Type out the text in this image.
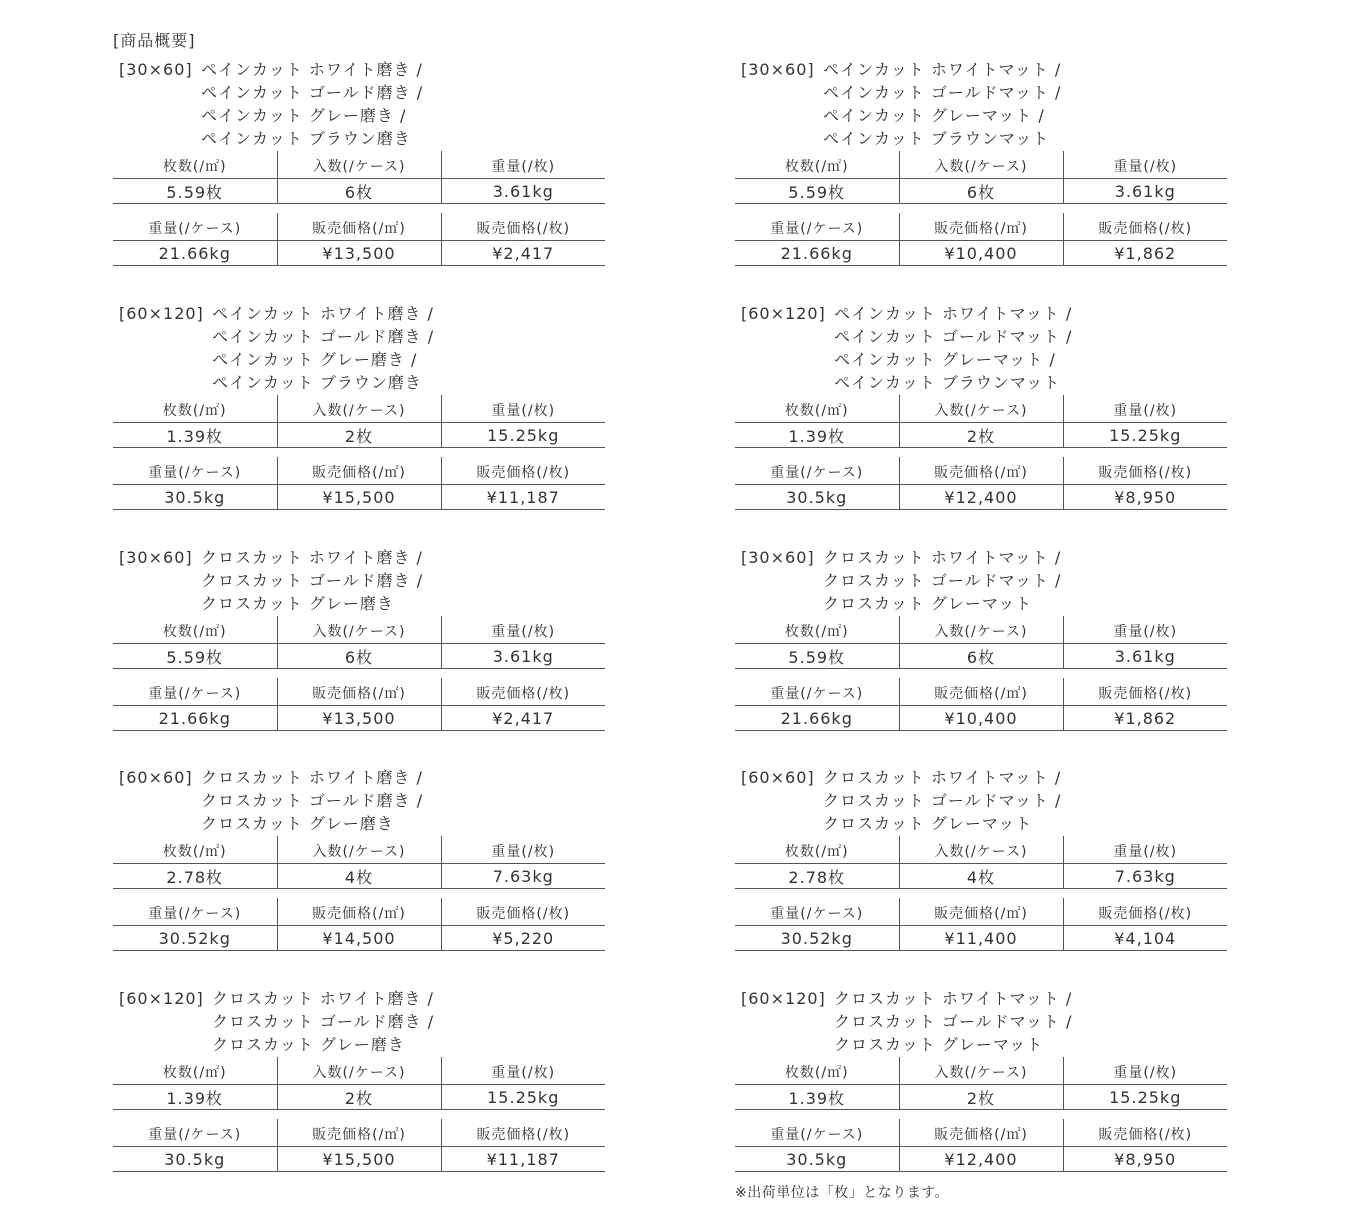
[商品概要]
[30×60] ペインカット ホワイト磨き /
ペインカット ゴールド磨き /
ペインカット グレー磨き /
ペインカット ブラウン磨き
枚数(/㎡)	入数(/ケース)	重量(/枚)
5.59枚	6枚	3.61kg

重量(/ケース)	販売価格(/㎡)	販売価格(/枚)
21.66kg	¥13,500	¥2,417
[30×60] ペインカット ホワイトマット /
ペインカット ゴールドマット /
ペインカット グレーマット /
ペインカット ブラウンマット
枚数(/㎡)	入数(/ケース)	重量(/枚)
5.59枚	6枚	3.61kg

重量(/ケース)	販売価格(/㎡)	販売価格(/枚)
21.66kg	¥10,400	¥1,862
[60×120] ペインカット ホワイト磨き /
ペインカット ゴールド磨き /
ペインカット グレー磨き /
ペインカット ブラウン磨き
枚数(/㎡)	入数(/ケース)	重量(/枚)
1.39枚	2枚	15.25kg

重量(/ケース)	販売価格(/㎡)	販売価格(/枚)
30.5kg	¥15,500	¥11,187
[60×120] ペインカット ホワイトマット /
ペインカット ゴールドマット /
ペインカット グレーマット /
ペインカット ブラウンマット
枚数(/㎡)	入数(/ケース)	重量(/枚)
1.39枚	2枚	15.25kg

重量(/ケース)	販売価格(/㎡)	販売価格(/枚)
30.5kg	¥12,400	¥8,950
[30×60] クロスカット ホワイト磨き /
クロスカット ゴールド磨き /
クロスカット グレー磨き
枚数(/㎡)	入数(/ケース)	重量(/枚)
5.59枚	6枚	3.61kg

重量(/ケース)	販売価格(/㎡)	販売価格(/枚)
21.66kg	¥13,500	¥2,417
[30×60] クロスカット ホワイトマット /
クロスカット ゴールドマット /
クロスカット グレーマット
枚数(/㎡)	入数(/ケース)	重量(/枚)
5.59枚	6枚	3.61kg

重量(/ケース)	販売価格(/㎡)	販売価格(/枚)
21.66kg	¥10,400	¥1,862
[60×60] クロスカット ホワイト磨き /
クロスカット ゴールド磨き /
クロスカット グレー磨き
枚数(/㎡)	入数(/ケース)	重量(/枚)
2.78枚	4枚	7.63kg

重量(/ケース)	販売価格(/㎡)	販売価格(/枚)
30.52kg	¥14,500	¥5,220
[60×60] クロスカット ホワイトマット /
クロスカット ゴールドマット /
クロスカット グレーマット
枚数(/㎡)	入数(/ケース)	重量(/枚)
2.78枚	4枚	7.63kg

重量(/ケース)	販売価格(/㎡)	販売価格(/枚)
30.52kg	¥11,400	¥4,104
[60×120] クロスカット ホワイト磨き /
クロスカット ゴールド磨き /
クロスカット グレー磨き
枚数(/㎡)	入数(/ケース)	重量(/枚)
1.39枚	2枚	15.25kg

重量(/ケース)	販売価格(/㎡)	販売価格(/枚)
30.5kg	¥15,500	¥11,187
[60×120] クロスカット ホワイトマット /
クロスカット ゴールドマット /
クロスカット グレーマット
枚数(/㎡)	入数(/ケース)	重量(/枚)
1.39枚	2枚	15.25kg

重量(/ケース)	販売価格(/㎡)	販売価格(/枚)
30.5kg	¥12,400	¥8,950
※出荷単位は「枚」となります。
